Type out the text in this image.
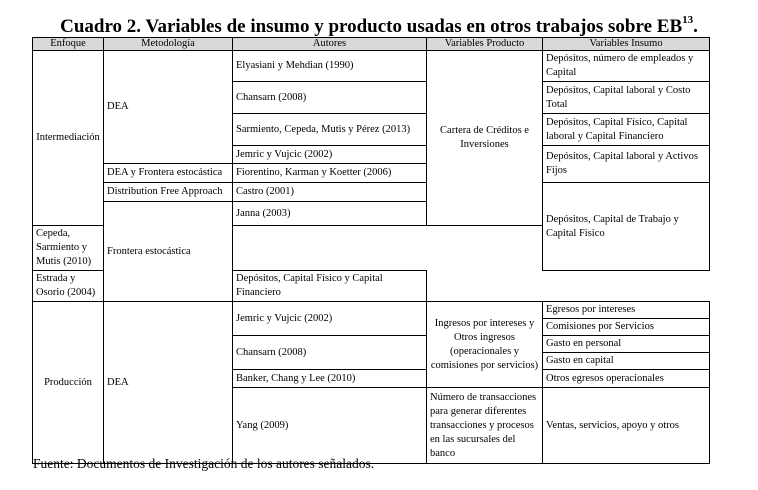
Cuadro 2. Variables de insumo y producto usadas en otros trabajos sobre EB$^{13}$.
Enfoque	Metodología	Autores	Variables Producto	Variables Insumo
Intermediación	DEA	Elyasiani y Mehdian (1990)	Cartera de Créditos e Inversiones	Depósitos, número de empleados y Capital
		Chansarn (2008)		Depósitos, Capital laboral y Costo Total
		Sarmiento, Cepeda, Mutis y Pérez (2013)		Depósitos, Capital Físico, Capital laboral y Capital Financiero
		Jemric y Vujcic (2002)		Depósitos, Capital laboral y Activos Fijos
	DEA y Frontera estocástica	Fiorentino, Karman y Koetter (2006)		
	Distribution Free Approach	Castro (2001)		Depósitos, Capital de Trabajo y Capital Físico
	Frontera estocástica	Janna (2003)		
Cepeda, Sarmiento y Mutis (2010)				
Estrada y Osorio (2004)		Depósitos, Capital Físico y Capital Financiero		
Producción	DEA	Jemric y Vujcic (2002)	Ingresos por intereses y Otros ingresos (operacionales y comisiones por servicios)	Egresos por intereses
				Comisiones por Servicios
		Chansarn (2008)		Gasto en personal
				Gasto en capital
		Banker, Chang y Lee (2010)		Otros egresos operacionales

		Yang (2009)	Número de transacciones para generar diferentes transacciones y procesos en las sucursales del banco	Ventas, servicios, apoyo y otros
Fuente: Documentos de Investigación de los autores señalados.
